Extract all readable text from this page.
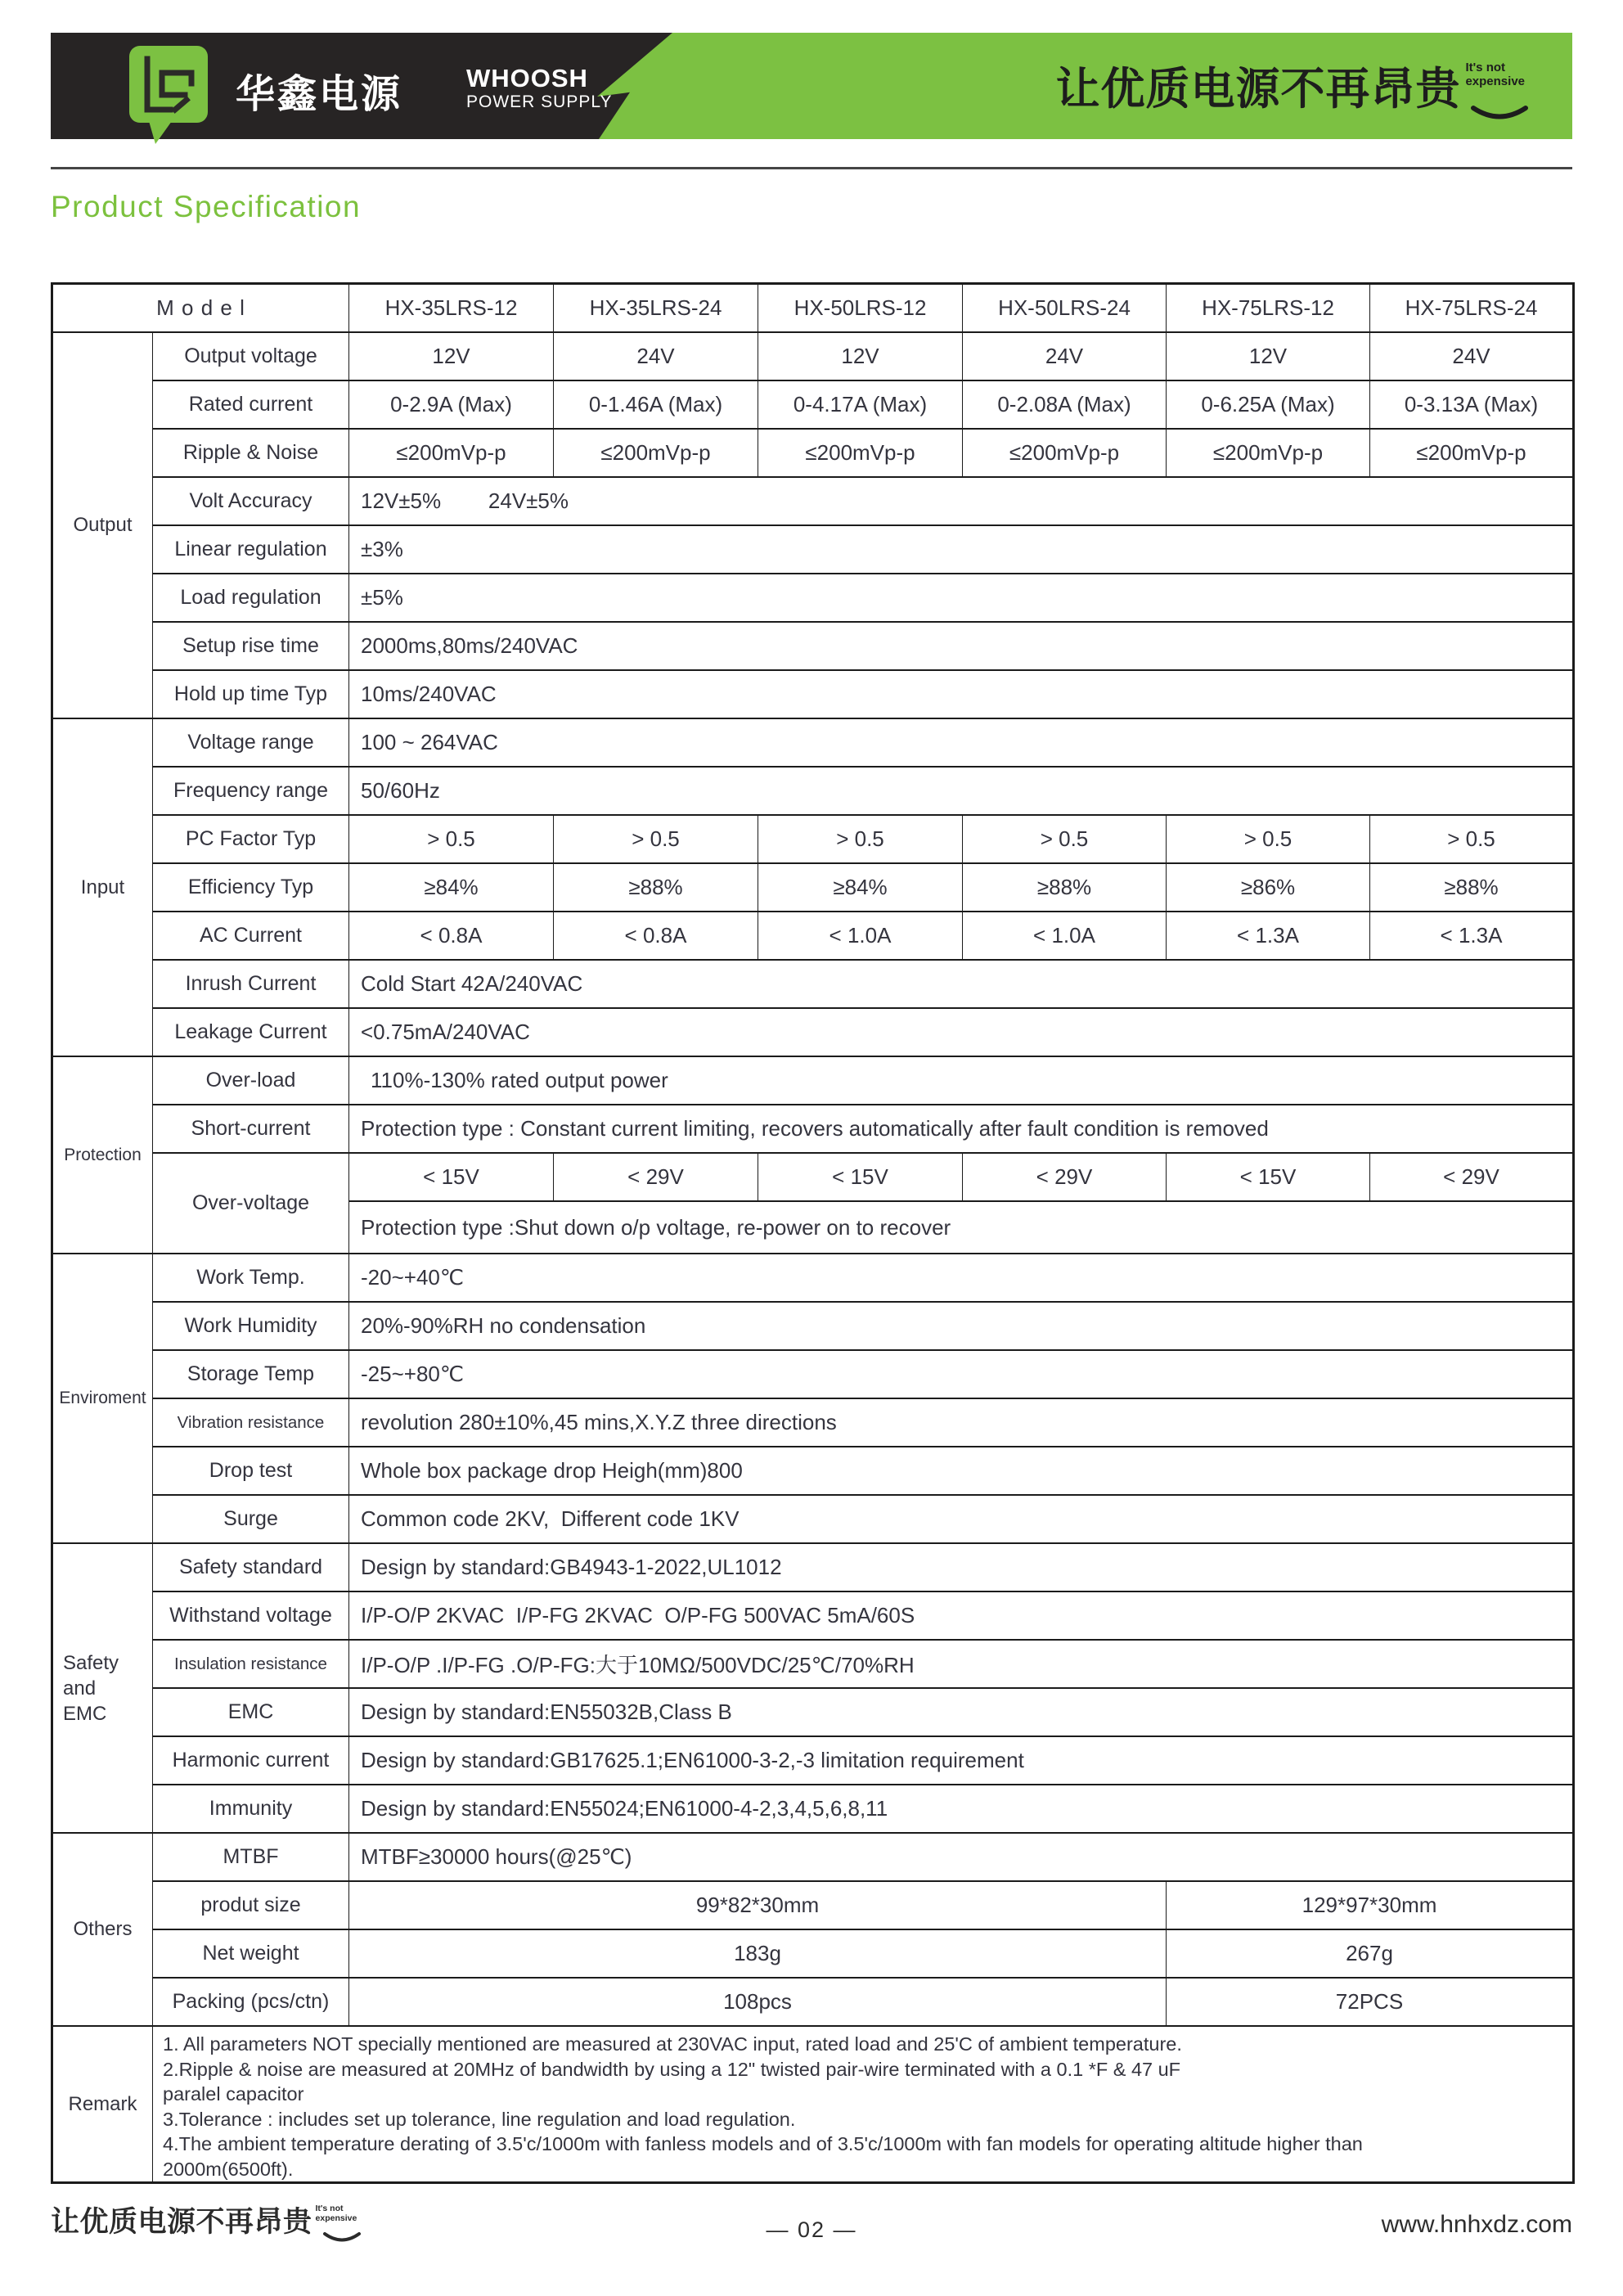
华鑫电源	WHOOSH
POWER SUPPLY	让优质电源不再昂贵 It's not
expensive
Product Specification
M o d e l		HX-35LRS-12	HX-35LRS-24	HX-50LRS-12	HX-50LRS-24	HX-75LRS-12	HX-75LRS-24
Output	Output voltage	12V	24V	12V	24V	12V	24V
	Rated current	0-2.9A (Max)	0-1.46A (Max)	0-4.17A (Max)	0-2.08A (Max)	0-6.25A (Max)	0-3.13A (Max)
	Ripple & Noise	≤200mVp-p	≤200mVp-p	≤200mVp-p	≤200mVp-p	≤200mVp-p	≤200mVp-p
	Volt Accuracy	12V±5%        24V±5%					
	Linear regulation	±3%					
	Load regulation	±5%					
	Setup rise time	2000ms,80ms/240VAC					
	Hold up time Typ	10ms/240VAC					
Input	Voltage range	100 ~ 264VAC					
	Frequency range	50/60Hz					
	PC Factor Typ	> 0.5	> 0.5	> 0.5	> 0.5	> 0.5	> 0.5
	Efficiency Typ	≥84%	≥88%	≥84%	≥88%	≥86%	≥88%
	AC Current	< 0.8A	< 0.8A	< 1.0A	< 1.0A	< 1.3A	< 1.3A
	Inrush Current	Cold Start 42A/240VAC					
	Leakage Current	<0.75mA/240VAC					
Protection	Over-load	110%-130% rated output power					
	Short-current	Protection type : Constant current limiting, recovers automatically after fault condition is removed					
	Over-voltage	< 15V	< 29V	< 15V	< 29V	< 15V	< 29V
		Protection type :Shut down o/p voltage, re-power on to recover					
Enviroment	Work Temp.	-20~+40℃					
	Work Humidity	20%-90%RH no condensation					
	Storage Temp	-25~+80℃					
	Vibration resistance	revolution 280±10%,45 mins,X.Y.Z three directions					
	Drop test	Whole box package drop Heigh(mm)800					
	Surge	Common code 2KV,  Different code 1KV					

Safety
and
EMC	Safety standard	Design by standard:GB4943-1-2022,UL1012					
	Withstand voltage	I/P-O/P 2KVAC  I/P-FG 2KVAC  O/P-FG 500VAC 5mA/60S					
	Insulation resistance	I/P-O/P .I/P-FG .O/P-FG:大于10MΩ/500VDC/25℃/70%RH					
	EMC	Design by standard:EN55032B,Class B					
	Harmonic current	Design by standard:GB17625.1;EN61000-3-2,-3 limitation requirement					
	Immunity	Design by standard:EN55024;EN61000-4-2,3,4,5,6,8,11					
Others	MTBF	MTBF≥30000 hours(@25℃)					
	produt size	99*82*30mm				129*97*30mm	
	Net weight	183g				267g	
	Packing (pcs/ctn)	108pcs				72PCS	
Remark	
1. All parameters NOT specially mentioned are measured at 230VAC input, rated load and 25'C of ambient temperature.
2.Ripple & noise are measured at 20MHz of bandwidth by using a 12" twisted pair-wire terminated with a 0.1 *F & 47 uF
paralel capacitor
3.Tolerance : includes set up tolerance, line regulation and load regulation.
4.The ambient temperature derating of 3.5'c/1000m with fanless models and of 3.5'c/1000m with fan models for operating altitude higher than
2000m(6500ft).
让优质电源不再昂贵 It's not
expensive	— 02 —	www.hnhxdz.com
